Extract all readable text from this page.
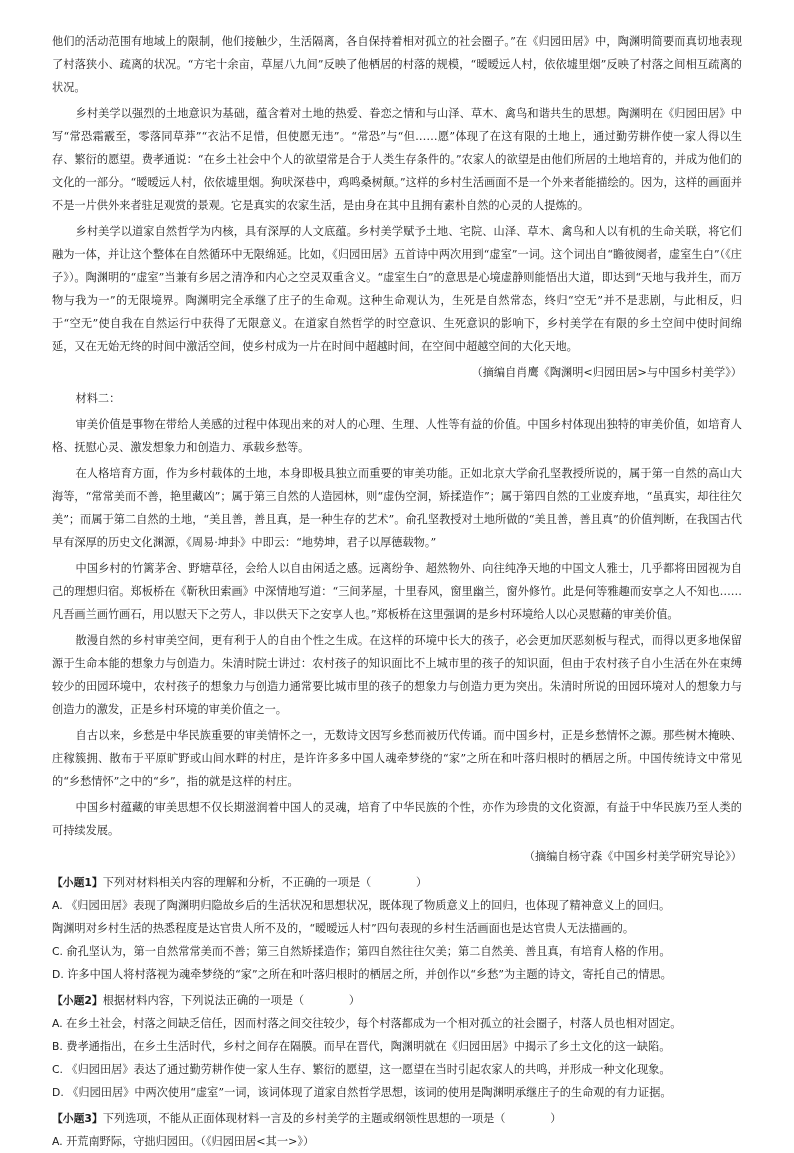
他们的活动范围有地域上的限制，他们接触少，生活隔离，各自保持着相对孤立的社会圈子。”在《归园田居》中，陶渊明简要而真切地表现了村落狭小、疏离的状况。“方宅十余亩，草屋八九间”反映了他栖居的村落的规模，“暧暧远人村，依依墟里烟”反映了村落之间相互疏离的状况。
乡村美学以强烈的土地意识为基础，蕴含着对土地的热爱、眷恋之情和与山泽、草木、禽鸟和谐共生的思想。陶渊明在《归园田居》中写“常恐霜霰至，零落同草莽”“衣沾不足惜，但使愿无违”。“常恐”与“但……愿”体现了在这有限的土地上，通过勤劳耕作使一家人得以生存、繁衍的愿望。费孝通说：“在乡土社会中个人的欲望常是合于人类生存条件的。”农家人的欲望是由他们所居的土地培育的，并成为他们的文化的一部分。“暧暧远人村，依依墟里烟。狗吠深巷中，鸡鸣桑树颠。”这样的乡村生活画面不是一个外来者能描绘的。因为，这样的画面并不是一片供外来者驻足观赏的景观。它是真实的农家生活，是由身在其中且拥有素朴自然的心灵的人提炼的。
乡村美学以道家自然哲学为内核，具有深厚的人文底蕴。乡村美学赋予土地、宅院、山泽、草木、禽鸟和人以有机的生命关联，将它们融为一体，并让这个整体在自然循环中无限绵延。比如，《归园田居》五首诗中两次用到“虚室”一词。这个词出自“瞻彼阕者，虚室生白”（《庄子》）。陶渊明的“虚室”当兼有乡居之清净和内心之空灵双重含义。“虚室生白”的意思是心境虚静则能悟出大道，即达到“天地与我并生，而万物与我为一”的无限境界。陶渊明完全承继了庄子的生命观。这种生命观认为，生死是自然常态，终归“空无”并不是悲剧，与此相反，归于“空无”使自我在自然运行中获得了无限意义。在道家自然哲学的时空意识、生死意识的影响下，乡村美学在有限的乡土空间中使时间绵延，又在无始无终的时间中激活空间，使乡村成为一片在时间中超越时间，在空间中超越空间的大化天地。
（摘编自肖鹰《陶渊明<归园田居>与中国乡村美学》）
材料二：
审美价值是事物在带给人美感的过程中体现出来的对人的心理、生理、人性等有益的价值。中国乡村体现出独特的审美价值，如培育人格、抚慰心灵、激发想象力和创造力、承载乡愁等。
在人格培育方面，作为乡村载体的土地，本身即极具独立而重要的审美功能。正如北京大学俞孔坚教授所说的，属于第一自然的高山大海等，“常常美而不善，艳里藏凶”；属于第三自然的人造园林，则“虚伪空洞，矫揉造作”；属于第四自然的工业废弃地，“虽真实，却往往欠美”；而属于第二自然的土地，“美且善，善且真，是一种生存的艺术”。俞孔坚教授对土地所做的“美且善，善且真”的价值判断，在我国古代早有深厚的历史文化渊源，《周易·坤卦》中即云：“地势坤，君子以厚德载物。”
中国乡村的竹篱茅舍、野塘草径，会给人以自由闲适之感。远离纷争、超然物外、向往纯净天地的中国文人雅士，几乎都将田园视为自己的理想归宿。郑板桥在《靳秋田索画》中深情地写道：“三间茅屋，十里春风，窗里幽兰，窗外修竹。此是何等雅趣而安享之人不知也……凡吾画兰画竹画石，用以慰天下之劳人，非以供天下之安享人也。”郑板桥在这里强调的是乡村环境给人以心灵慰藉的审美价值。
散漫自然的乡村审美空间，更有利于人的自由个性之生成。在这样的环境中长大的孩子，必会更加厌恶刻板与程式，而得以更多地保留源于生命本能的想象力与创造力。朱清时院士讲过：农村孩子的知识面比不上城市里的孩子的知识面，但由于农村孩子自小生活在外在束缚较少的田园环境中，农村孩子的想象力与创造力通常要比城市里的孩子的想象力与创造力更为突出。朱清时所说的田园环境对人的想象力与创造力的激发，正是乡村环境的审美价值之一。
自古以来，乡愁是中华民族重要的审美情怀之一，无数诗文因写乡愁而被历代传诵。而中国乡村，正是乡愁情怀之源。那些树木掩映、庄稼簇拥、散布于平原旷野或山间水畔的村庄，是许许多多中国人魂牵梦绕的“家”之所在和叶落归根时的栖居之所。中国传统诗文中常见的“乡愁情怀”之中的“乡”，指的就是这样的村庄。
中国乡村蕴藏的审美思想不仅长期滋润着中国人的灵魂，培育了中华民族的个性，亦作为珍贵的文化资源，有益于中华民族乃至人类的可持续发展。
（摘编自杨守森《中国乡村美学研究导论》）
【小题1】下列对材料相关内容的理解和分析，不正确的一项是（　　　　）
A. 《归园田居》表现了陶渊明归隐故乡后的生活状况和思想状况，既体现了物质意义上的回归，也体现了精神意义上的回归。
陶渊明对乡村生活的热悉程度是达官贵人所不及的，“暧暧远人村”四句表现的乡村生活画面也是达官贵人无法描画的。
C. 俞孔坚认为，第一自然常常美而不善；第三自然矫揉造作；第四自然往往欠美；第二自然美、善且真，有培育人格的作用。
D. 许多中国人将村落视为魂牵梦绕的“家”之所在和叶落归根时的栖居之所，并创作以“乡愁”为主题的诗文，寄托自己的情思。
【小题2】根据材料内容，下列说法正确的一项是（　　　　）
A. 在乡土社会，村落之间缺乏信任，因而村落之间交往较少，每个村落都成为一个相对孤立的社会圈子，村落人员也相对固定。
B. 费孝通指出，在乡土生活时代，乡村之间存在隔膜。而早在晋代，陶渊明就在《归园田居》中揭示了乡土文化的这一缺陷。
C. 《归园田居》表达了通过勤劳耕作使一家人生存、繁衍的愿望，这一愿望在当时引起农家人的共鸣，并形成一种文化现象。
D. 《归园田居》中两次使用“虚室”一词，该词体现了道家自然哲学思想，该词的使用是陶渊明承继庄子的生命观的有力证据。
【小题3】下列选项，不能从正面体现材料一言及的乡村美学的主题或纲领性思想的一项是（　　　　）
A. 开荒南野际，守拙归园田。（《归园田居<其一>》）
